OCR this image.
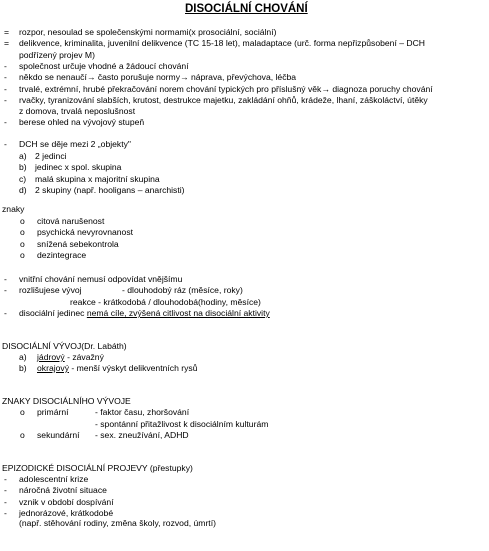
DISOCIÁLNÍ CHOVÁNÍ
= rozpor, nesoulad se společenskými normami(x prosociální, sociální)
= delikvence, kriminalita, juvenilní delikvence (TC 15-18 let), maladaptace (urč. forma nepřizpůsobení – DCH
podřízený projev M)
- společnost určuje vhodné a žádoucí chování
- někdo se nenaučí→ často porušuje normy→ náprava, převýchova, léčba
- trvalé, extrémní, hrubé překračování norem chování typických pro příslušný věk→ diagnoza poruchy chování
- rvačky, tyranizování slabších, krutost, destrukce majetku, zakládání ohňů, krádeže, lhaní, záškoláctví, útěky
z domova, trvalá neposlušnost
- berese ohled na vývojový stupeň
- DCH se děje mezi 2 „objekty"
a) 2 jedinci
b) jedinec x spol. skupina
c) malá skupina x majoritní skupina
d) 2 skupiny (např. hooligans – anarchisti)
znaky
o citová narušenost
o psychická nevyrovnanost
o snížená sebekontrola
o dezintegrace
- vnitřní chování nemusí odpovídat vnějšímu
- rozlišujese vývoj	- dlouhodobý ráz (měsíce, roky)
reakce - krátkodobá / dlouhodobá(hodiny, měsíce)
- disociální jedinec nemá cíle, zvýšená citlivost na disociální aktivity
DISOCIÁLNÍ VÝVOJ(Dr. Labáth)
a) jádrový - závažný
b) okrajový - menší výskyt delikventních rysů
ZNAKY DISOCIÁLNÍHO VÝVOJE
o primární	- faktor času, zhoršování
- spontánní přitažlivost k disociálním kulturám
o sekundární - sex. zneužívání, ADHD
EPIZODICKÉ DISOCIÁLNÍ PROJEVY (přestupky)
- adolescentní krize
- náročná životní situace
- vznik v období dospívání
- jednorázové, krátkodobé
(např. stěhování rodiny, změna školy, rozvod, úmrtí)
